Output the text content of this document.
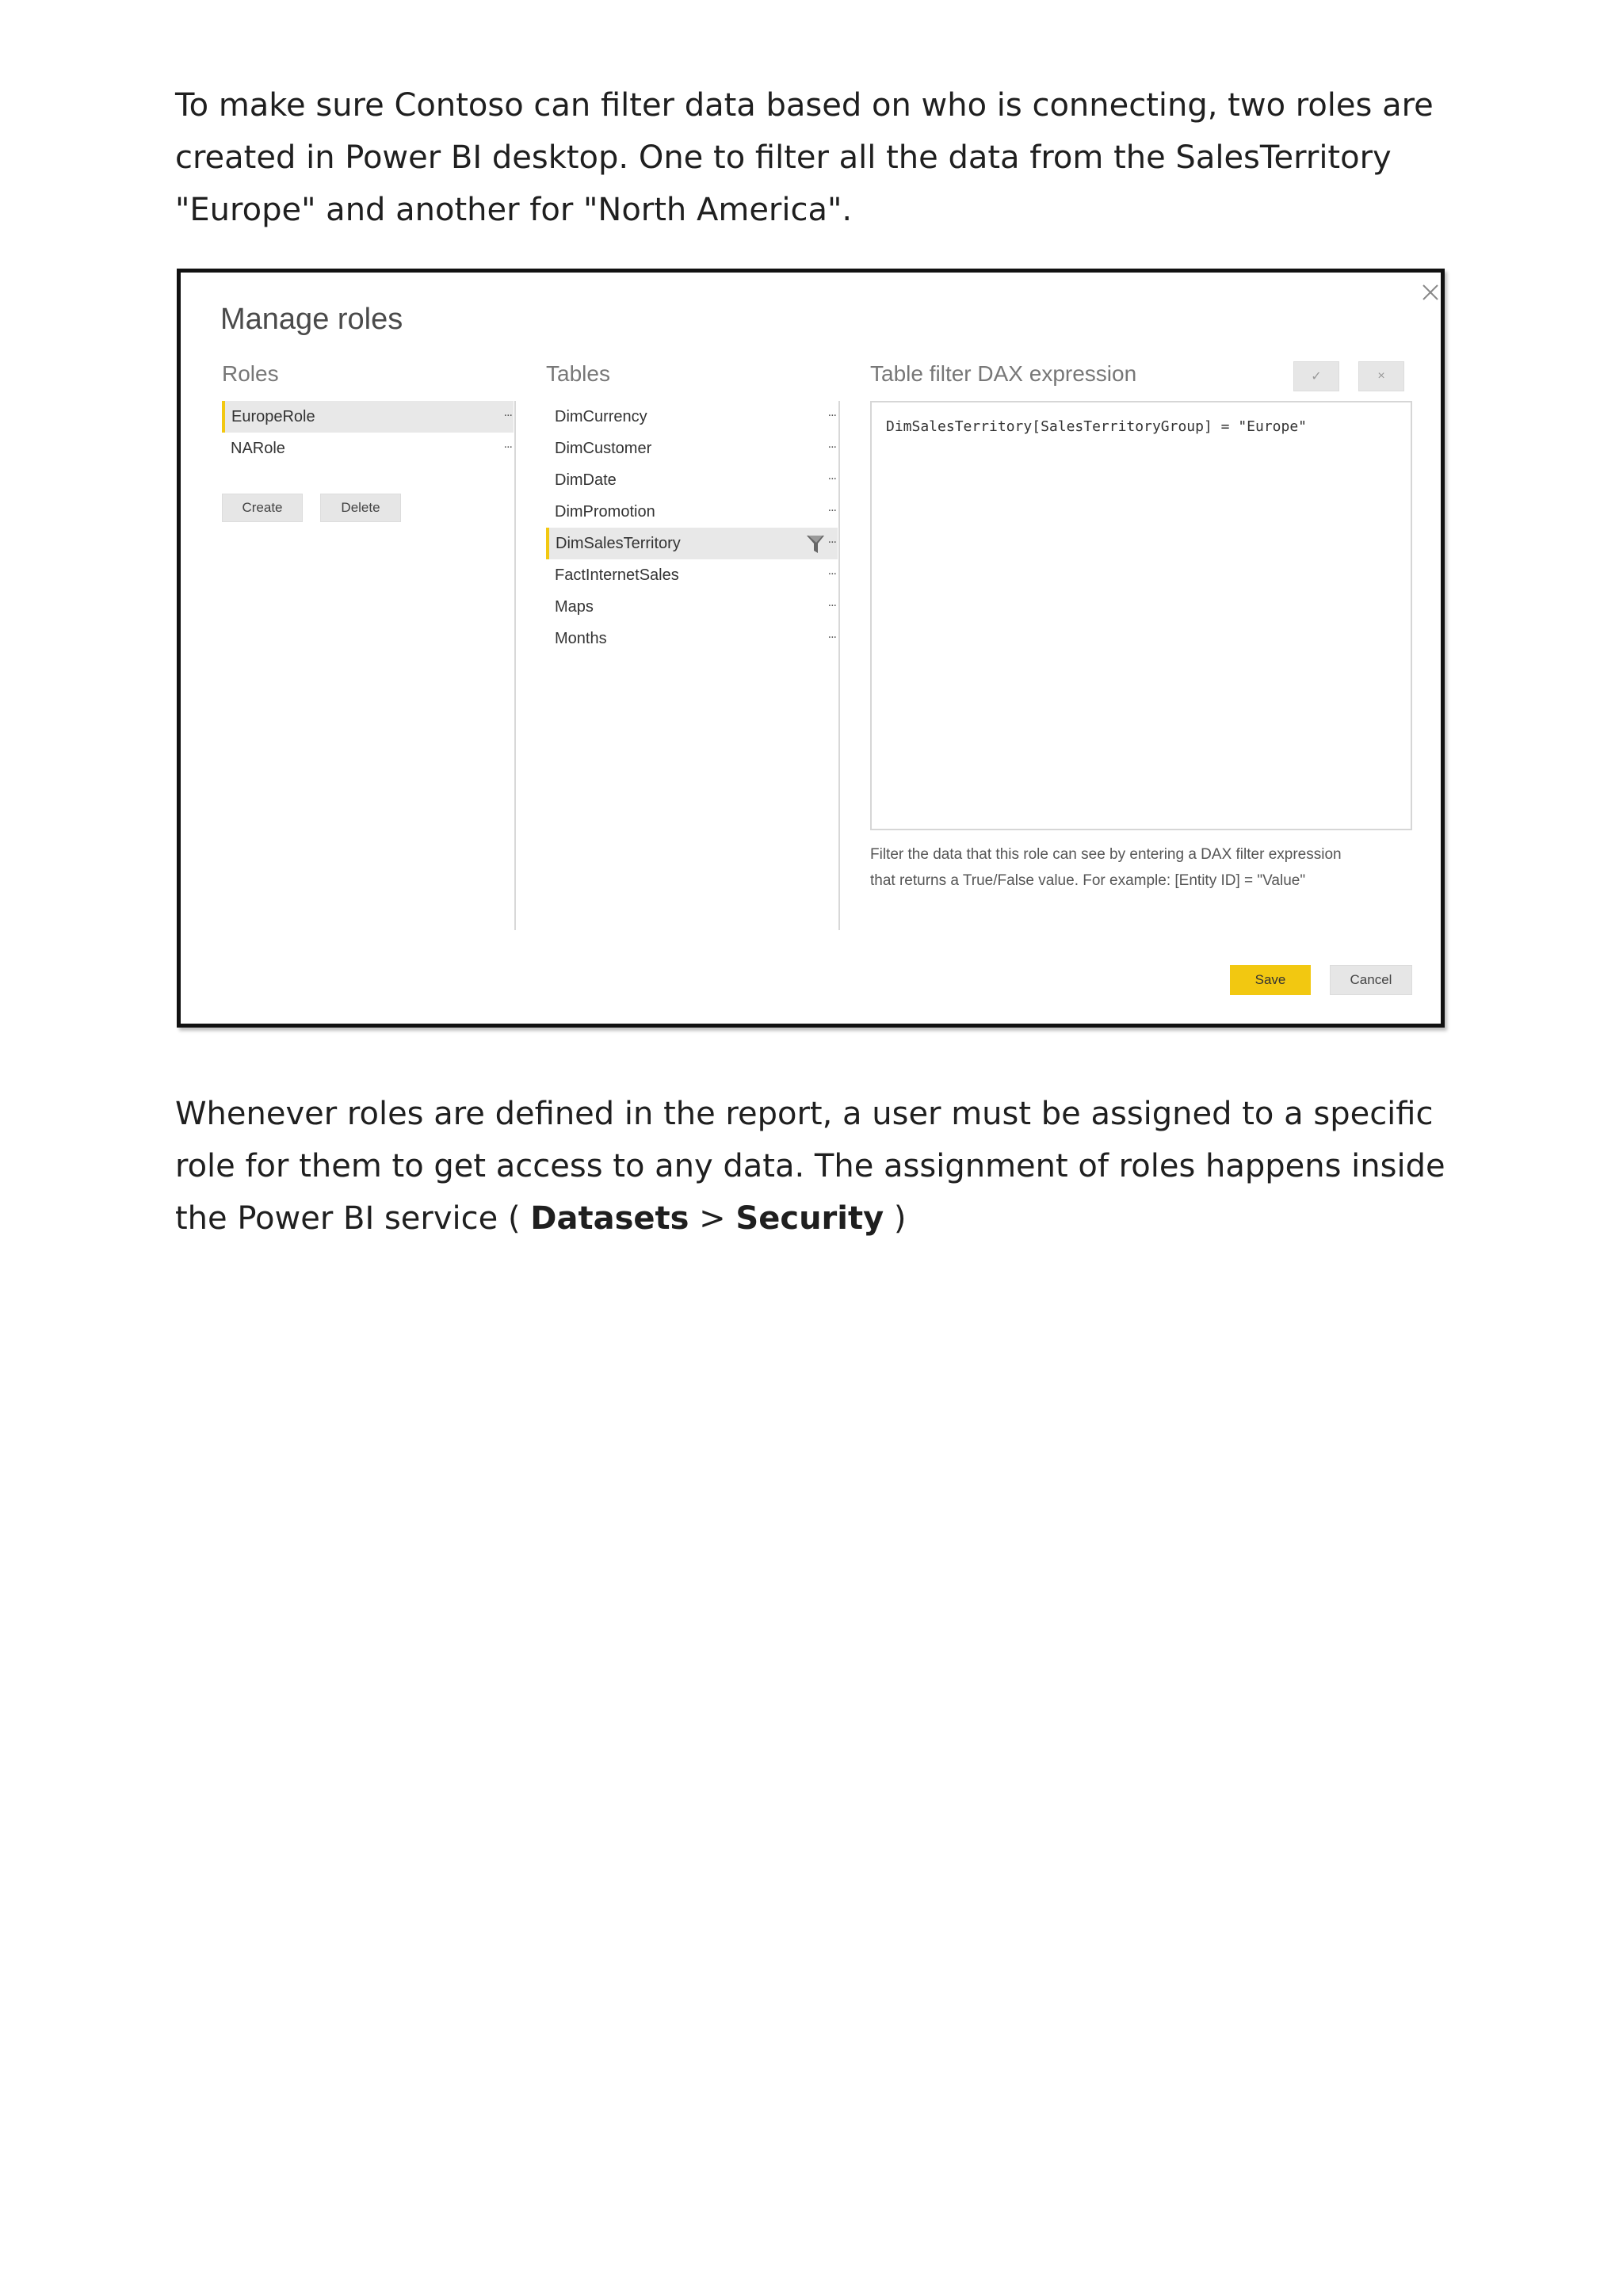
To make sure Contoso can filter data based on who is connecting, two roles are created in Power BI desktop. One to filter all the data from the SalesTerritory "Europe" and another for "North America".

Manage roles
Roles	Tables	Table filter DAX expression	✓	×
EuropeRole	...
NARole	...
Create	Delete
DimCurrency	...
DimCustomer	...
DimDate	...
DimPromotion	...
DimSalesTerritory	...
FactInternetSales	...
Maps	...
Months	...
DimSalesTerritory[SalesTerritoryGroup] = "Europe"
Filter the data that this role can see by entering a DAX filter expression
that returns a True/False value. For example: [Entity ID] = "Value"
Save	Cancel

Whenever roles are defined in the report, a user must be assigned to a specific role for them to get access to any data. The assignment of roles happens inside the Power BI service ( Datasets > Security )
